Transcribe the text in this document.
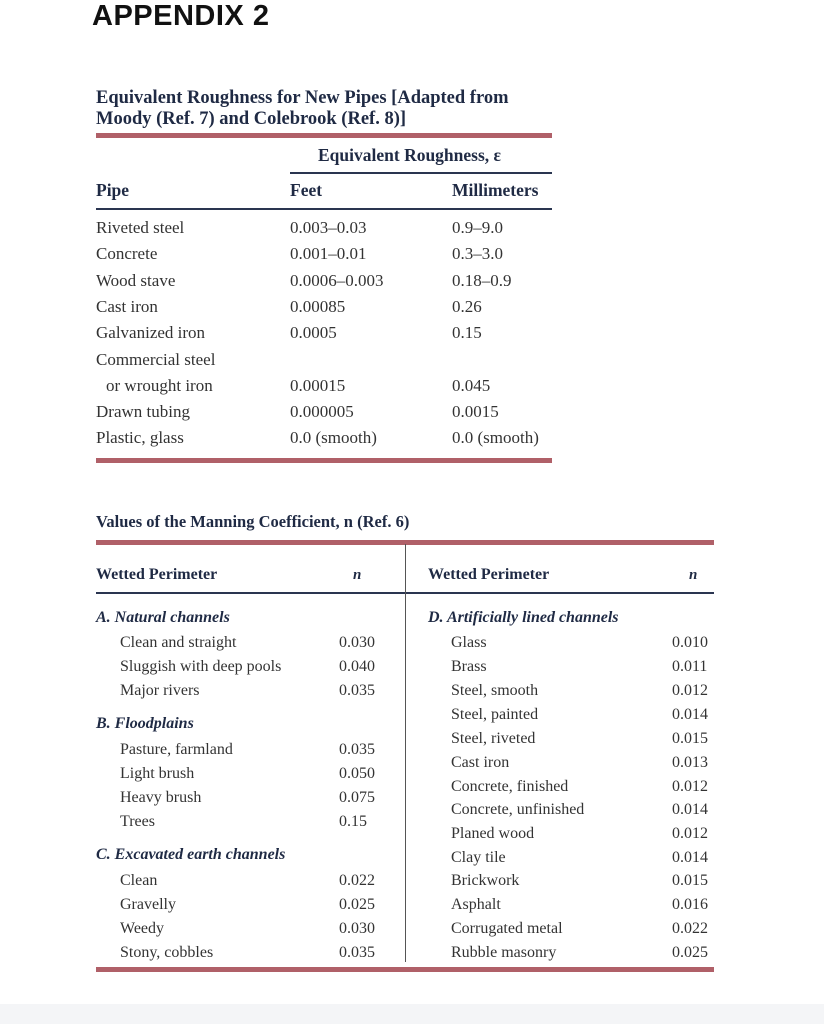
APPENDIX 2
Equivalent Roughness for New Pipes [Adapted from
Moody (Ref. 7) and Colebrook (Ref. 8)]
Equivalent Roughness, ε
Pipe	Feet	Millimeters
Riveted steel	0.003–0.03	0.9–9.0
Concrete	0.001–0.01	0.3–3.0
Wood stave	0.0006–0.003	0.18–0.9
Cast iron	0.00085	0.26
Galvanized iron	0.0005	0.15
Commercial steel
or wrought iron	0.00015	0.045
Drawn tubing	0.000005	0.0015
Plastic, glass	0.0 (smooth)	0.0 (smooth)
Values of the Manning Coefficient, n (Ref. 6)
Wetted Perimeter	n	Wetted Perimeter	n
A. Natural channels
Clean and straight	0.030
Sluggish with deep pools	0.040
Major rivers	0.035
B. Floodplains
Pasture, farmland	0.035
Light brush	0.050
Heavy brush	0.075
Trees	0.15
C. Excavated earth channels
Clean	0.022
Gravelly	0.025
Weedy	0.030
Stony, cobbles	0.035
D. Artificially lined channels
Glass	0.010
Brass	0.011
Steel, smooth	0.012
Steel, painted	0.014
Steel, riveted	0.015
Cast iron	0.013
Concrete, finished	0.012
Concrete, unfinished	0.014
Planed wood	0.012
Clay tile	0.014
Brickwork	0.015
Asphalt	0.016
Corrugated metal	0.022
Rubble masonry	0.025
